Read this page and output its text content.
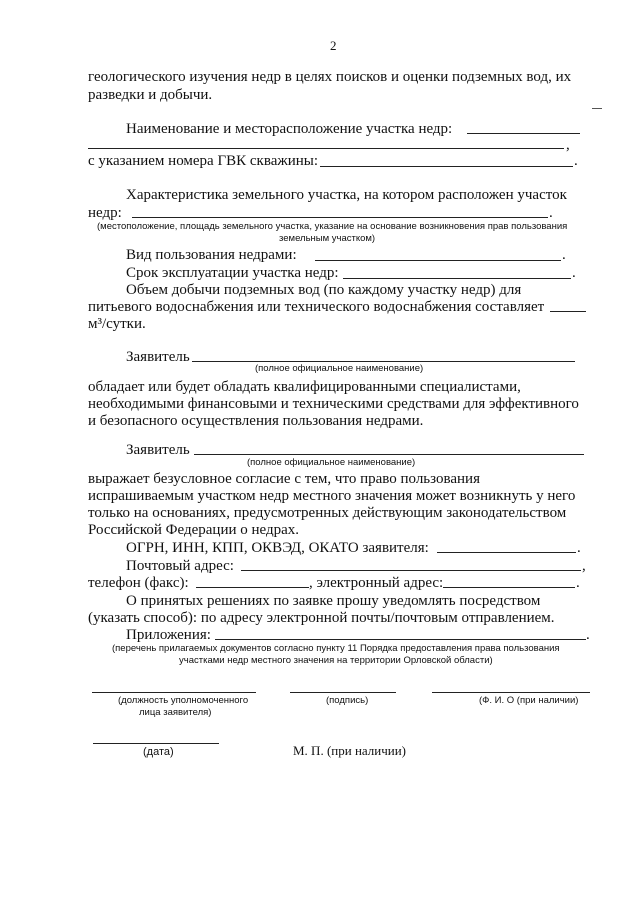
2
геологического изучения недр в целях поисков и оценки подземных вод, их
разведки и добычи.
Наименование и месторасположение участка недр:
,
с указанием номера ГВК скважины:	.
Характеристика земельного участка, на котором расположен участок
недр:	.
(местоположение, площадь земельного участка, указание на основание возникновения прав пользования
земельным участком)
Вид пользования недрами:	.
Срок эксплуатации участка недр:	.
Объем добычи подземных вод (по каждому участку недр) для
питьевого водоснабжения или технического водоснабжения составляет
м³/сутки.
Заявитель
(полное официальное наименование)
обладает или будет обладать квалифицированными специалистами,
необходимыми финансовыми и техническими средствами для эффективного
и безопасного осуществления пользования недрами.
Заявитель
(полное официальное наименование)
выражает безусловное согласие с тем, что право пользования
испрашиваемым участком недр местного значения может возникнуть у него
только на основаниях, предусмотренных действующим законодательством
Российской Федерации о недрах.
ОГРН, ИНН, КПП, ОКВЭД, ОКАТО заявителя:	.
Почтовый адрес:	,
телефон (факс):	, электронный адрес:	.
О принятых решениях по заявке прошу уведомлять посредством
(указать способ): по адресу электронной почты/почтовым отправлением.
Приложения:	.
(перечень прилагаемых документов согласно пункту 11 Порядка предоставления права пользования
участками недр местного значения на территории Орловской области)
(должность уполномоченного
лица заявителя)
(подпись)	(Ф. И. О (при наличии)
(дата)	М. П. (при наличии)
